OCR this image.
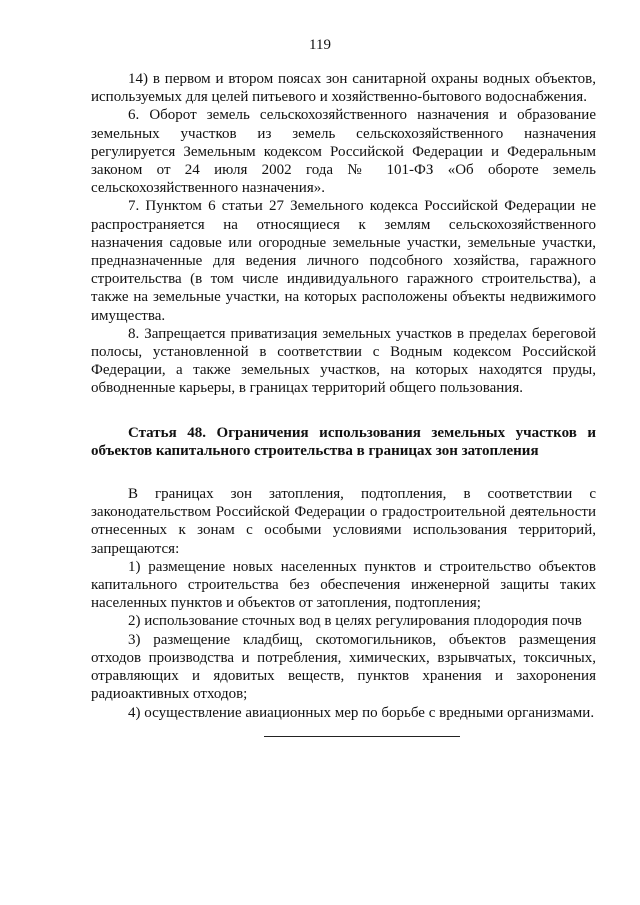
119

14) в первом и втором поясах зон санитарной охраны водных объектов, используемых для целей питьевого и хозяйственно-бытового водоснабжения.

6. Оборот земель сельскохозяйственного назначения и образование земельных участков из земель сельскохозяйственного назначения регулируется Земельным кодексом Российской Федерации и Федеральным законом от 24 июля 2002 года № 101-ФЗ «Об обороте земель сельскохозяйственного назначения».

7. Пунктом 6 статьи 27 Земельного кодекса Российской Федерации не распространяется на относящиеся к землям сельскохозяйственного назначения садовые или огородные земельные участки, земельные участки, предназначенные для ведения личного подсобного хозяйства, гаражного строительства (в том числе индивидуального гаражного строительства), а также на земельные участки, на которых расположены объекты недвижимого имущества.

8. Запрещается приватизация земельных участков в пределах береговой полосы, установленной в соответствии с Водным кодексом Российской Федерации, а также земельных участков, на которых находятся пруды, обводненные карьеры, в границах территорий общего пользования.

Статья 48. Ограничения использования земельных участков и объектов капитального строительства в границах зон затопления

В границах зон затопления, подтопления, в соответствии с законодательством Российской Федерации о градостроительной деятельности отнесенных к зонам с особыми условиями использования территорий, запрещаются:

1) размещение новых населенных пунктов и строительство объектов капитального строительства без обеспечения инженерной защиты таких населенных пунктов и объектов от затопления, подтопления;

2) использование сточных вод в целях регулирования плодородия почв

3) размещение кладбищ, скотомогильников, объектов размещения отходов производства и потребления, химических, взрывчатых, токсичных, отравляющих и ядовитых веществ, пунктов хранения и захоронения радиоактивных отходов;

4) осуществление авиационных мер по борьбе с вредными организмами.
